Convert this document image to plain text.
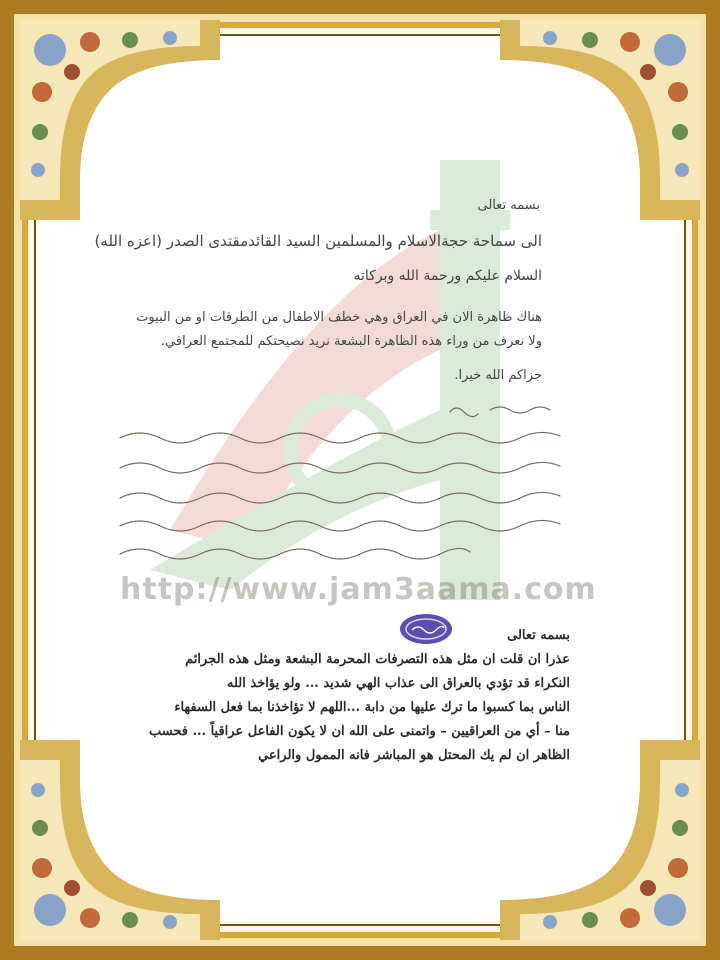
http://www.jam3aama.com
بسمه تعالى
الى سماحة حجةالاسلام والمسلمين السيد القائدمقتدى الصدر (اعزه الله)
السلام عليكم ورحمة الله وبركاته
هناك ظاهرة الان في العراق وهي خطف الاطفال من الطرقات او من البيوت ولا نعرف من وراء هذه الظاهرة البشعة نريد نصيحتكم للمجتمع العراقي.
جزاكم الله خيرا.
بسمه تعالى
عذرا ان قلت ان مثل هذه التصرفات المحرمة البشعة ومثل هذه الجرائم
النكراء قد تؤدي بالعراق الى عذاب الهي شديد ... ولو يؤاخذ الله
الناس بما كسبوا ما ترك عليها من دابة ...اللهم لا تؤاخذنا بما فعل السفهاء
منا – أي من العراقيين – واتمنى على الله ان لا يكون الفاعل عراقياً ... فحسب
الظاهر ان لم يك المحتل هو المباشر فانه الممول والراعي
